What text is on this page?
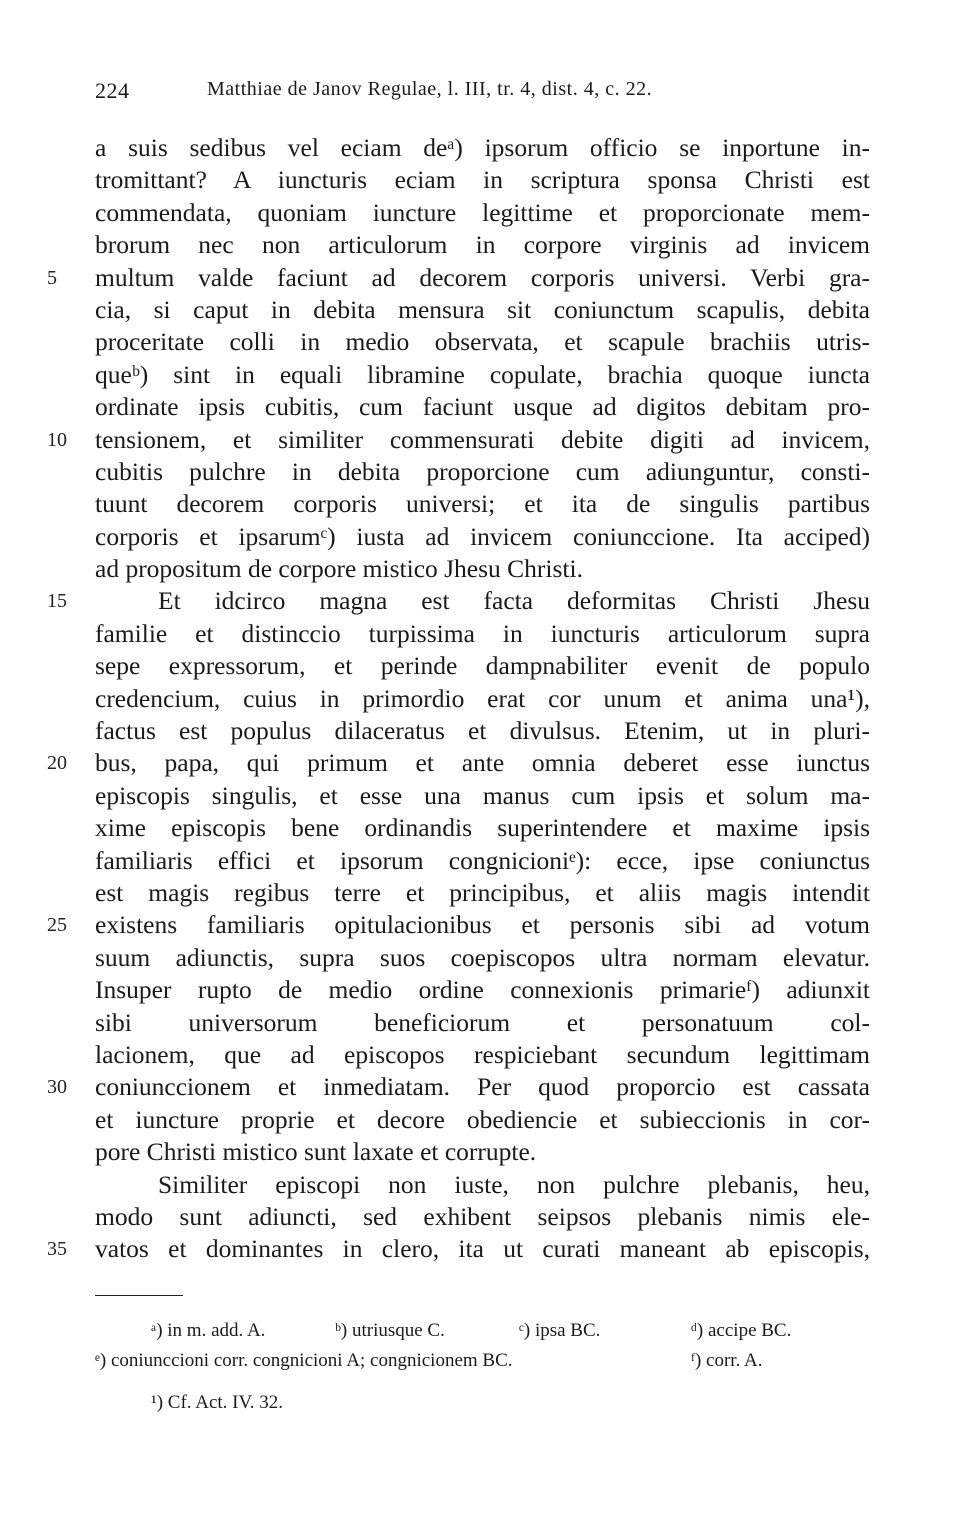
224	Matthiae de Janov Regulae, l. III, tr. 4, dist. 4, c. 22.
a suis sedibus vel eciam deᵃ) ipsorum officio se inportune in-
tromittant? A iuncturis eciam in scriptura sponsa Christi est
commendata, quoniam iuncture legittime et proporcionate mem-
brorum nec non articulorum in corpore virginis ad invicem
5	multum valde faciunt ad decorem corporis universi. Verbi gra-
cia, si caput in debita mensura sit coniunctum scapulis, debita
proceritate colli in medio observata, et scapule brachiis utris-
queᵇ) sint in equali libramine copulate, brachia quoque iuncta
ordinate ipsis cubitis, cum faciunt usque ad digitos debitam pro-
10	tensionem, et similiter commensurati debite digiti ad invicem,
cubitis pulchre in debita proporcione cum adiunguntur, consti-
tuunt decorem corporis universi; et ita de singulis partibus
corporis et ipsarumᶜ) iusta ad invicem coniunccione. Ita acciped)
ad propositum de corpore mistico Jhesu Christi.
15	Et idcirco magna est facta deformitas Christi Jhesu
familie et distinccio turpissima in iuncturis articulorum supra
sepe expressorum, et perinde dampnabiliter evenit de populo
credencium, cuius in primordio erat cor unum et anima una¹),
factus est populus dilaceratus et divulsus. Etenim, ut in pluri-
20	bus, papa, qui primum et ante omnia deberet esse iunctus
episcopis singulis, et esse una manus cum ipsis et solum ma-
xime episcopis bene ordinandis superintendere et maxime ipsis
familiaris effici et ipsorum congnicioniᵉ): ecce, ipse coniunctus
est magis regibus terre et principibus, et aliis magis intendit
25	existens familiaris opitulacionibus et personis sibi ad votum
suum adiunctis, supra suos coepiscopos ultra normam elevatur.
Insuper rupto de medio ordine connexionis primarieᶠ) adiunxit
sibi universorum beneficiorum et personatuum col-
lacionem, que ad episcopos respiciebant secundum legittimam
30	coniunccionem et inmediatam. Per quod proporcio est cassata
et iuncture proprie et decore obediencie et subieccionis in cor-
pore Christi mistico sunt laxate et corrupte.
Similiter episcopi non iuste, non pulchre plebanis, heu,
modo sunt adiuncti, sed exhibent seipsos plebanis nimis ele-
35	vatos et dominantes in clero, ita ut curati maneant ab episcopis,
ᵃ) in m. add. A.	ᵇ) utriusque C.	ᶜ) ipsa BC.	ᵈ) accipe BC.
ᵉ) coniunccioni corr. congnicioni A; congnicionem BC.	ᶠ) corr. A.
¹) Cf. Act. IV. 32.
